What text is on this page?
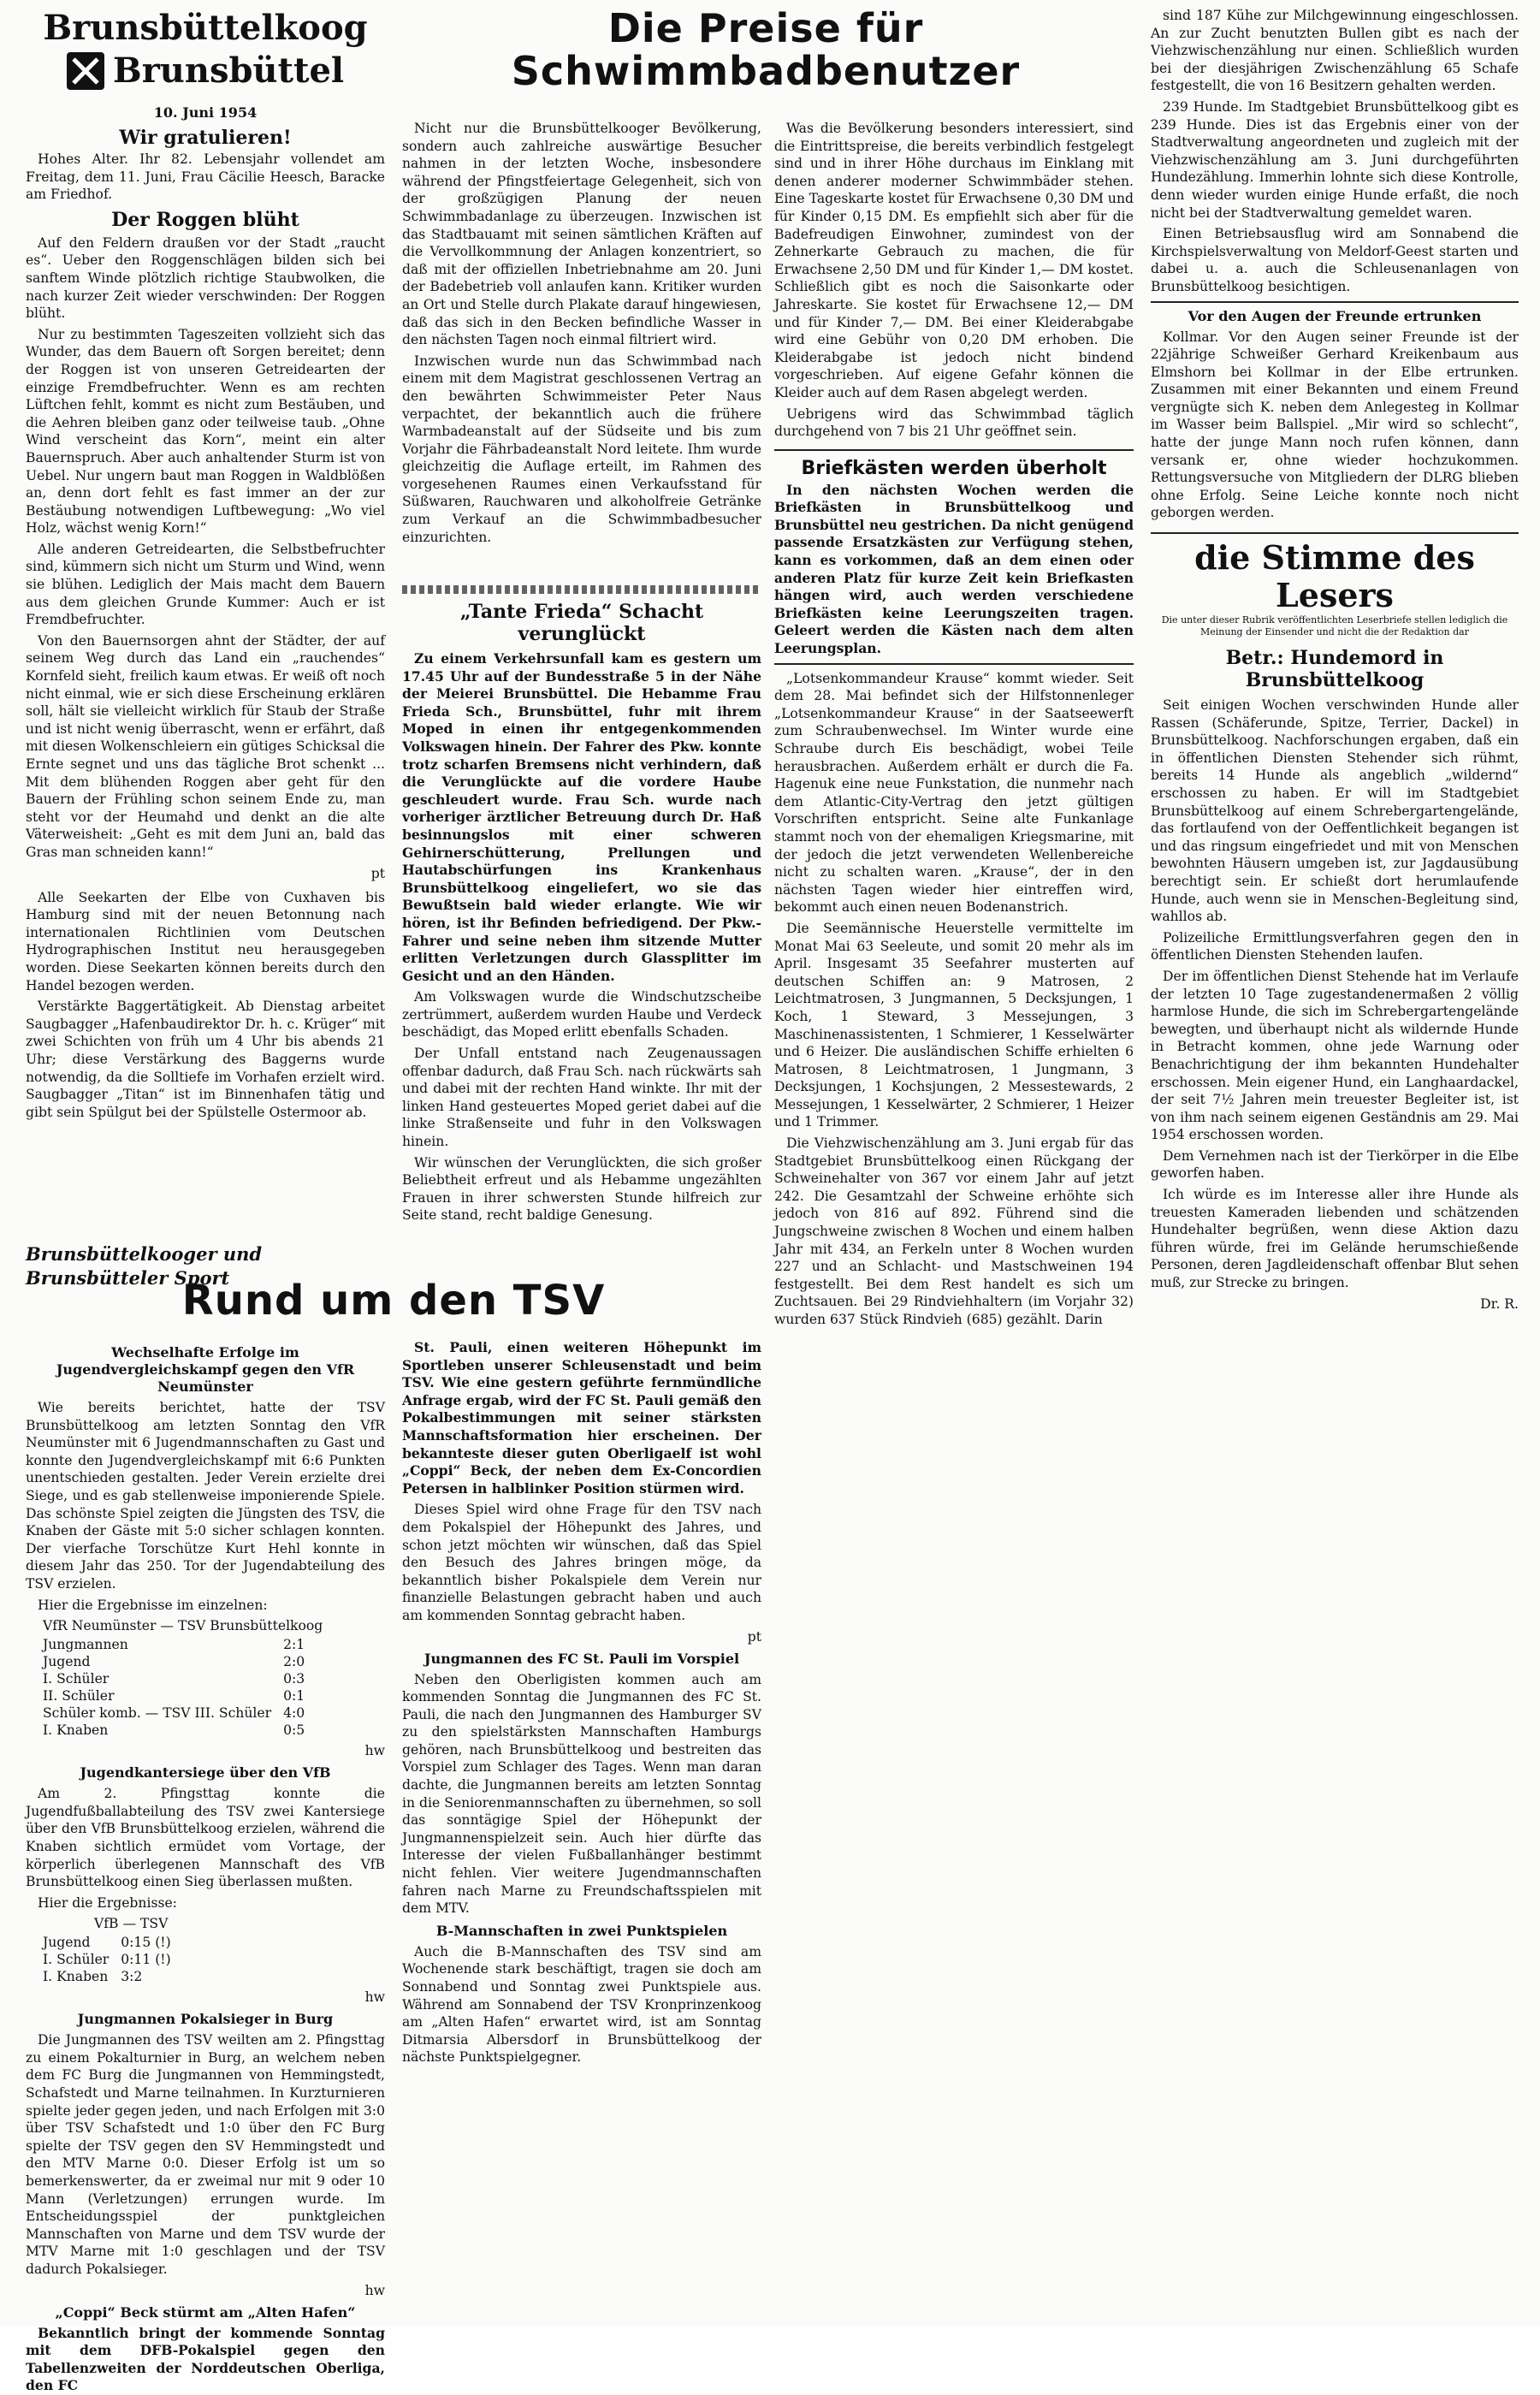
Brunsbüttelkoog
Brunsbüttel
10. Juni 1954
Wir gratulieren!

Hohes Alter. Ihr 82. Lebensjahr vollendet am Freitag, dem 11. Juni, Frau Cäcilie Heesch, Baracke am Friedhof.

Der Roggen blüht

Auf den Feldern draußen vor der Stadt „raucht es“. Ueber den Roggenschlägen bilden sich bei sanftem Winde plötzlich richtige Staubwolken, die nach kurzer Zeit wieder verschwinden: Der Roggen blüht.

Nur zu bestimmten Tageszeiten vollzieht sich das Wunder, das dem Bauern oft Sorgen bereitet; denn der Roggen ist von unseren Getreidearten der einzige Fremdbefruchter. Wenn es am rechten Lüftchen fehlt, kommt es nicht zum Bestäuben, und die Aehren bleiben ganz oder teilweise taub. „Ohne Wind verscheint das Korn“, meint ein alter Bauernspruch. Aber auch anhaltender Sturm ist von Uebel. Nur ungern baut man Roggen in Waldblößen an, denn dort fehlt es fast immer an der zur Bestäubung notwendigen Luftbewegung: „Wo viel Holz, wächst wenig Korn!“

Alle anderen Getreidearten, die Selbstbefruchter sind, kümmern sich nicht um Sturm und Wind, wenn sie blühen. Lediglich der Mais macht dem Bauern aus dem gleichen Grunde Kummer: Auch er ist Fremdbefruchter.

Von den Bauernsorgen ahnt der Städter, der auf seinem Weg durch das Land ein „rauchendes“ Kornfeld sieht, freilich kaum etwas. Er weiß oft noch nicht einmal, wie er sich diese Erscheinung erklären soll, hält sie vielleicht wirklich für Staub der Straße und ist nicht wenig überrascht, wenn er erfährt, daß mit diesen Wolkenschleiern ein gütiges Schicksal die Ernte segnet und uns das tägliche Brot schenkt ... Mit dem blühenden Roggen aber geht für den Bauern der Frühling schon seinem Ende zu, man steht vor der Heumahd und denkt an die alte Väterweisheit: „Geht es mit dem Juni an, bald das Gras man schneiden kann!“

pt

Alle Seekarten der Elbe von Cuxhaven bis Hamburg sind mit der neuen Betonnung nach internationalen Richtlinien vom Deutschen Hydrographischen Institut neu herausgegeben worden. Diese Seekarten können bereits durch den Handel bezogen werden.

Verstärkte Baggertätigkeit. Ab Dienstag arbeitet Saugbagger „Hafenbaudirektor Dr. h. c. Krüger“ mit zwei Schichten von früh um 4 Uhr bis abends 21 Uhr; diese Verstärkung des Baggerns wurde notwendig, da die Solltiefe im Vorhafen erzielt wird. Saugbagger „Titan“ ist im Binnenhafen tätig und gibt sein Spülgut bei der Spülstelle Ostermoor ab.

Die Preise für Schwimmbadbenutzer

Nicht nur die Brunsbüttelkooger Bevölkerung, sondern auch zahlreiche auswärtige Besucher nahmen in der letzten Woche, insbesondere während der Pfingstfeiertage Gelegenheit, sich von der großzügigen Planung der neuen Schwimmbadanlage zu überzeugen. Inzwischen ist das Stadtbauamt mit seinen sämtlichen Kräften auf die Vervollkommnung der Anlagen konzentriert, so daß mit der offiziellen Inbetriebnahme am 20. Juni der Badebetrieb voll anlaufen kann. Kritiker wurden an Ort und Stelle durch Plakate darauf hingewiesen, daß das sich in den Becken befindliche Wasser in den nächsten Tagen noch einmal filtriert wird.

Inzwischen wurde nun das Schwimmbad nach einem mit dem Magistrat geschlossenen Vertrag an den bewährten Schwimmeister Peter Naus verpachtet, der bekanntlich auch die frühere Warmbadeanstalt auf der Südseite und bis zum Vorjahr die Fährbadeanstalt Nord leitete. Ihm wurde gleichzeitig die Auflage erteilt, im Rahmen des vorgesehenen Raumes einen Verkaufsstand für Süßwaren, Rauchwaren und alkoholfreie Getränke zum Verkauf an die Schwimmbadbesucher einzurichten.

„Tante Frieda“ Schacht verunglückt

Zu einem Verkehrsunfall kam es gestern um 17.45 Uhr auf der Bundesstraße 5 in der Nähe der Meierei Brunsbüttel. Die Hebamme Frau Frieda Sch., Brunsbüttel, fuhr mit ihrem Moped in einen ihr entgegenkommenden Volkswagen hinein. Der Fahrer des Pkw. konnte trotz scharfen Bremsens nicht verhindern, daß die Verunglückte auf die vordere Haube geschleudert wurde. Frau Sch. wurde nach vorheriger ärztlicher Betreuung durch Dr. Haß besinnungslos mit einer schweren Gehirnerschütterung, Prellungen und Hautabschürfungen ins Krankenhaus Brunsbüttelkoog eingeliefert, wo sie das Bewußtsein bald wieder erlangte. Wie wir hören, ist ihr Befinden befriedigend. Der Pkw.-Fahrer und seine neben ihm sitzende Mutter erlitten Verletzungen durch Glassplitter im Gesicht und an den Händen.

Am Volkswagen wurde die Windschutzscheibe zertrümmert, außerdem wurden Haube und Verdeck beschädigt, das Moped erlitt ebenfalls Schaden.

Der Unfall entstand nach Zeugenaussagen offenbar dadurch, daß Frau Sch. nach rückwärts sah und dabei mit der rechten Hand winkte. Ihr mit der linken Hand gesteuertes Moped geriet dabei auf die linke Straßenseite und fuhr in den Volkswagen hinein.

Wir wünschen der Verunglückten, die sich großer Beliebtheit erfreut und als Hebamme ungezählten Frauen in ihrer schwersten Stunde hilfreich zur Seite stand, recht baldige Genesung.

Was die Bevölkerung besonders interessiert, sind die Eintrittspreise, die bereits verbindlich festgelegt sind und in ihrer Höhe durchaus im Einklang mit denen anderer moderner Schwimmbäder stehen. Eine Tageskarte kostet für Erwachsene 0,30 DM und für Kinder 0,15 DM. Es empfiehlt sich aber für die Badefreudigen Einwohner, zumindest von der Zehnerkarte Gebrauch zu machen, die für Erwachsene 2,50 DM und für Kinder 1,— DM kostet. Schließlich gibt es noch die Saisonkarte oder Jahreskarte. Sie kostet für Erwachsene 12,— DM und für Kinder 7,— DM. Bei einer Kleiderabgabe wird eine Gebühr von 0,20 DM erhoben. Die Kleiderabgabe ist jedoch nicht bindend vorgeschrieben. Auf eigene Gefahr können die Kleider auch auf dem Rasen abgelegt werden.

Uebrigens wird das Schwimmbad täglich durchgehend von 7 bis 21 Uhr geöffnet sein.

Briefkästen werden überholt

In den nächsten Wochen werden die Briefkästen in Brunsbüttelkoog und Brunsbüttel neu gestrichen. Da nicht genügend passende Ersatzkästen zur Verfügung stehen, kann es vorkommen, daß an dem einen oder anderen Platz für kurze Zeit kein Briefkasten hängen wird, auch werden verschiedene Briefkästen keine Leerungszeiten tragen. Geleert werden die Kästen nach dem alten Leerungsplan.

„Lotsenkommandeur Krause“ kommt wieder. Seit dem 28. Mai befindet sich der Hilfstonnenleger „Lotsenkommandeur Krause“ in der Saatseewerft zum Schraubenwechsel. Im Winter wurde eine Schraube durch Eis beschädigt, wobei Teile herausbrachen. Außerdem erhält er durch die Fa. Hagenuk eine neue Funkstation, die nunmehr nach dem Atlantic-City-Vertrag den jetzt gültigen Vorschriften entspricht. Seine alte Funkanlage stammt noch von der ehemaligen Kriegsmarine, mit der jedoch die jetzt verwendeten Wellenbereiche nicht zu schalten waren. „Krause“, der in den nächsten Tagen wieder hier eintreffen wird, bekommt auch einen neuen Bodenanstrich.

Die Seemännische Heuerstelle vermittelte im Monat Mai 63 Seeleute, und somit 20 mehr als im April. Insgesamt 35 Seefahrer musterten auf deutschen Schiffen an: 9 Matrosen, 2 Leichtmatrosen, 3 Jungmannen, 5 Decksjungen, 1 Koch, 1 Steward, 3 Messejungen, 3 Maschinenassistenten, 1 Schmierer, 1 Kesselwärter und 6 Heizer. Die ausländischen Schiffe erhielten 6 Matrosen, 8 Leichtmatrosen, 1 Jungmann, 3 Decksjungen, 1 Kochsjungen, 2 Messestewards, 2 Messejungen, 1 Kesselwärter, 2 Schmierer, 1 Heizer und 1 Trimmer.

Die Viehzwischenzählung am 3. Juni ergab für das Stadtgebiet Brunsbüttelkoog einen Rückgang der Schweinehalter von 367 vor einem Jahr auf jetzt 242. Die Gesamtzahl der Schweine erhöhte sich jedoch von 816 auf 892. Führend sind die Jungschweine zwischen 8 Wochen und einem halben Jahr mit 434, an Ferkeln unter 8 Wochen wurden 227 und an Schlacht- und Mastschweinen 194 festgestellt. Bei dem Rest handelt es sich um Zuchtsauen. Bei 29 Rindviehhaltern (im Vorjahr 32) wurden 637 Stück Rindvieh (685) gezählt. Darin

sind 187 Kühe zur Milchgewinnung eingeschlossen. An zur Zucht benutzten Bullen gibt es nach der Viehzwischenzählung nur einen. Schließlich wurden bei der diesjährigen Zwischenzählung 65 Schafe festgestellt, die von 16 Besitzern gehalten werden.

239 Hunde. Im Stadtgebiet Brunsbüttelkoog gibt es 239 Hunde. Dies ist das Ergebnis einer von der Stadtverwaltung angeordneten und zugleich mit der Viehzwischenzählung am 3. Juni durchgeführten Hundezählung. Immerhin lohnte sich diese Kontrolle, denn wieder wurden einige Hunde erfaßt, die noch nicht bei der Stadtverwaltung gemeldet waren.

Einen Betriebsausflug wird am Sonnabend die Kirchspielsverwaltung von Meldorf-Geest starten und dabei u. a. auch die Schleusenanlagen von Brunsbüttelkoog besichtigen.

Vor den Augen der Freunde ertrunken

Kollmar. Vor den Augen seiner Freunde ist der 22jährige Schweißer Gerhard Kreikenbaum aus Elmshorn bei Kollmar in der Elbe ertrunken. Zusammen mit einer Bekannten und einem Freund vergnügte sich K. neben dem Anlegesteg in Kollmar im Wasser beim Ballspiel. „Mir wird so schlecht“, hatte der junge Mann noch rufen können, dann versank er, ohne wieder hochzukommen. Rettungsversuche von Mitgliedern der DLRG blieben ohne Erfolg. Seine Leiche konnte noch nicht geborgen werden.

die Stimme des Lesers
Die unter dieser Rubrik veröffentlichten Leserbriefe stellen lediglich die Meinung der Einsender und nicht die der Redaktion dar
Betr.: Hundemord in Brunsbüttelkoog

Seit einigen Wochen verschwinden Hunde aller Rassen (Schäferunde, Spitze, Terrier, Dackel) in Brunsbüttelkoog. Nachforschungen ergaben, daß ein in öffentlichen Diensten Stehender sich rühmt, bereits 14 Hunde als angeblich „wildernd“ erschossen zu haben. Er will im Stadtgebiet Brunsbüttelkoog auf einem Schrebergartengelände, das fortlaufend von der Oeffentlichkeit begangen ist und das ringsum eingefriedet und mit von Menschen bewohnten Häusern umgeben ist, zur Jagdausübung berechtigt sein. Er schießt dort herumlaufende Hunde, auch wenn sie in Menschen-Begleitung sind, wahllos ab.

Polizeiliche Ermittlungsverfahren gegen den in öffentlichen Diensten Stehenden laufen.

Der im öffentlichen Dienst Stehende hat im Verlaufe der letzten 10 Tage zugestandenermaßen 2 völlig harmlose Hunde, die sich im Schrebergartengelände bewegten, und überhaupt nicht als wildernde Hunde in Betracht kommen, ohne jede Warnung oder Benachrichtigung der ihm bekannten Hundehalter erschossen. Mein eigener Hund, ein Langhaardackel, der seit 7½ Jahren mein treuester Begleiter ist, ist von ihm nach seinem eigenen Geständnis am 29. Mai 1954 erschossen worden.

Dem Vernehmen nach ist der Tierkörper in die Elbe geworfen haben.

Ich würde es im Interesse aller ihre Hunde als treuesten Kameraden liebenden und schätzenden Hundehalter begrüßen, wenn diese Aktion dazu führen würde, frei im Gelände herumschießende Personen, deren Jagdleidenschaft offenbar Blut sehen muß, zur Strecke zu bringen.

Dr. R.
Brunsbüttelkooger und Brunsbütteler Sport
Rund um den TSV
Wechselhafte Erfolge im Jugendvergleichskampf gegen den VfR Neumünster

Wie bereits berichtet, hatte der TSV Brunsbüttelkoog am letzten Sonntag den VfR Neumünster mit 6 Jugendmannschaften zu Gast und konnte den Jugendvergleichskampf mit 6:6 Punkten unentschieden gestalten. Jeder Verein erzielte drei Siege, und es gab stellenweise imponierende Spiele. Das schönste Spiel zeigten die Jüngsten des TSV, die Knaben der Gäste mit 5:0 sicher schlagen konnten. Der vierfache Torschütze Kurt Hehl konnte in diesem Jahr das 250. Tor der Jugendabteilung des TSV erzielen.

Hier die Ergebnisse im einzelnen:

VfR Neumünster — TSV Brunsbüttelkoog
Jungmannen	2:1
Jugend	2:0
I. Schüler	0:3
II. Schüler	0:1
Schüler komb. — TSV III. Schüler	4:0
I. Knaben	0:5
hw
Jugendkantersiege über den VfB

Am 2. Pfingsttag konnte die Jugendfußballabteilung des TSV zwei Kantersiege über den VfB Brunsbüttelkoog erzielen, während die Knaben sichtlich ermüdet vom Vortage, der körperlich überlegenen Mannschaft des VfB Brunsbüttelkoog einen Sieg überlassen mußten.

Hier die Ergebnisse:

VfB — TSV
Jugend	0:15 (!)
I. Schüler	0:11 (!)
I. Knaben	3:2
hw
Jungmannen Pokalsieger in Burg

Die Jungmannen des TSV weilten am 2. Pfingsttag zu einem Pokalturnier in Burg, an welchem neben dem FC Burg die Jungmannen von Hemmingstedt, Schafstedt und Marne teilnahmen. In Kurzturnieren spielte jeder gegen jeden, und nach Erfolgen mit 3:0 über TSV Schafstedt und 1:0 über den FC Burg spielte der TSV gegen den SV Hemmingstedt und den MTV Marne 0:0. Dieser Erfolg ist um so bemerkenswerter, da er zweimal nur mit 9 oder 10 Mann (Verletzungen) errungen wurde. Im Entscheidungsspiel der punktgleichen Mannschaften von Marne und dem TSV wurde der MTV Marne mit 1:0 geschlagen und der TSV dadurch Pokalsieger.

hw
„Coppi“ Beck stürmt am „Alten Hafen“

Bekanntlich bringt der kommende Sonntag mit dem DFB-Pokalspiel gegen den Tabellenzweiten der Norddeutschen Oberliga, den FC

St. Pauli, einen weiteren Höhepunkt im Sportleben unserer Schleusenstadt und beim TSV. Wie eine gestern geführte fernmündliche Anfrage ergab, wird der FC St. Pauli gemäß den Pokalbestimmungen mit seiner stärksten Mannschaftsformation hier erscheinen. Der bekannteste dieser guten Oberligaelf ist wohl „Coppi“ Beck, der neben dem Ex-Concordien Petersen in halblinker Position stürmen wird.

Dieses Spiel wird ohne Frage für den TSV nach dem Pokalspiel der Höhepunkt des Jahres, und schon jetzt möchten wir wünschen, daß das Spiel den Besuch des Jahres bringen möge, da bekanntlich bisher Pokalspiele dem Verein nur finanzielle Belastungen gebracht haben und auch am kommenden Sonntag gebracht haben.

pt
Jungmannen des FC St. Pauli im Vorspiel

Neben den Oberligisten kommen auch am kommenden Sonntag die Jungmannen des FC St. Pauli, die nach den Jungmannen des Hamburger SV zu den spielstärksten Mannschaften Hamburgs gehören, nach Brunsbüttelkoog und bestreiten das Vorspiel zum Schlager des Tages. Wenn man daran dachte, die Jungmannen bereits am letzten Sonntag in die Seniorenmannschaften zu übernehmen, so soll das sonntägige Spiel der Höhepunkt der Jungmannenspielzeit sein. Auch hier dürfte das Interesse der vielen Fußballanhänger bestimmt nicht fehlen. Vier weitere Jugendmannschaften fahren nach Marne zu Freundschaftsspielen mit dem MTV.

B-Mannschaften in zwei Punktspielen

Auch die B-Mannschaften des TSV sind am Wochenende stark beschäftigt, tragen sie doch am Sonnabend und Sonntag zwei Punktspiele aus. Während am Sonnabend der TSV Kronprinzenkoog am „Alten Hafen“ erwartet wird, ist am Sonntag Ditmarsia Albersdorf in Brunsbüttelkoog der nächste Punktspielgegner.
